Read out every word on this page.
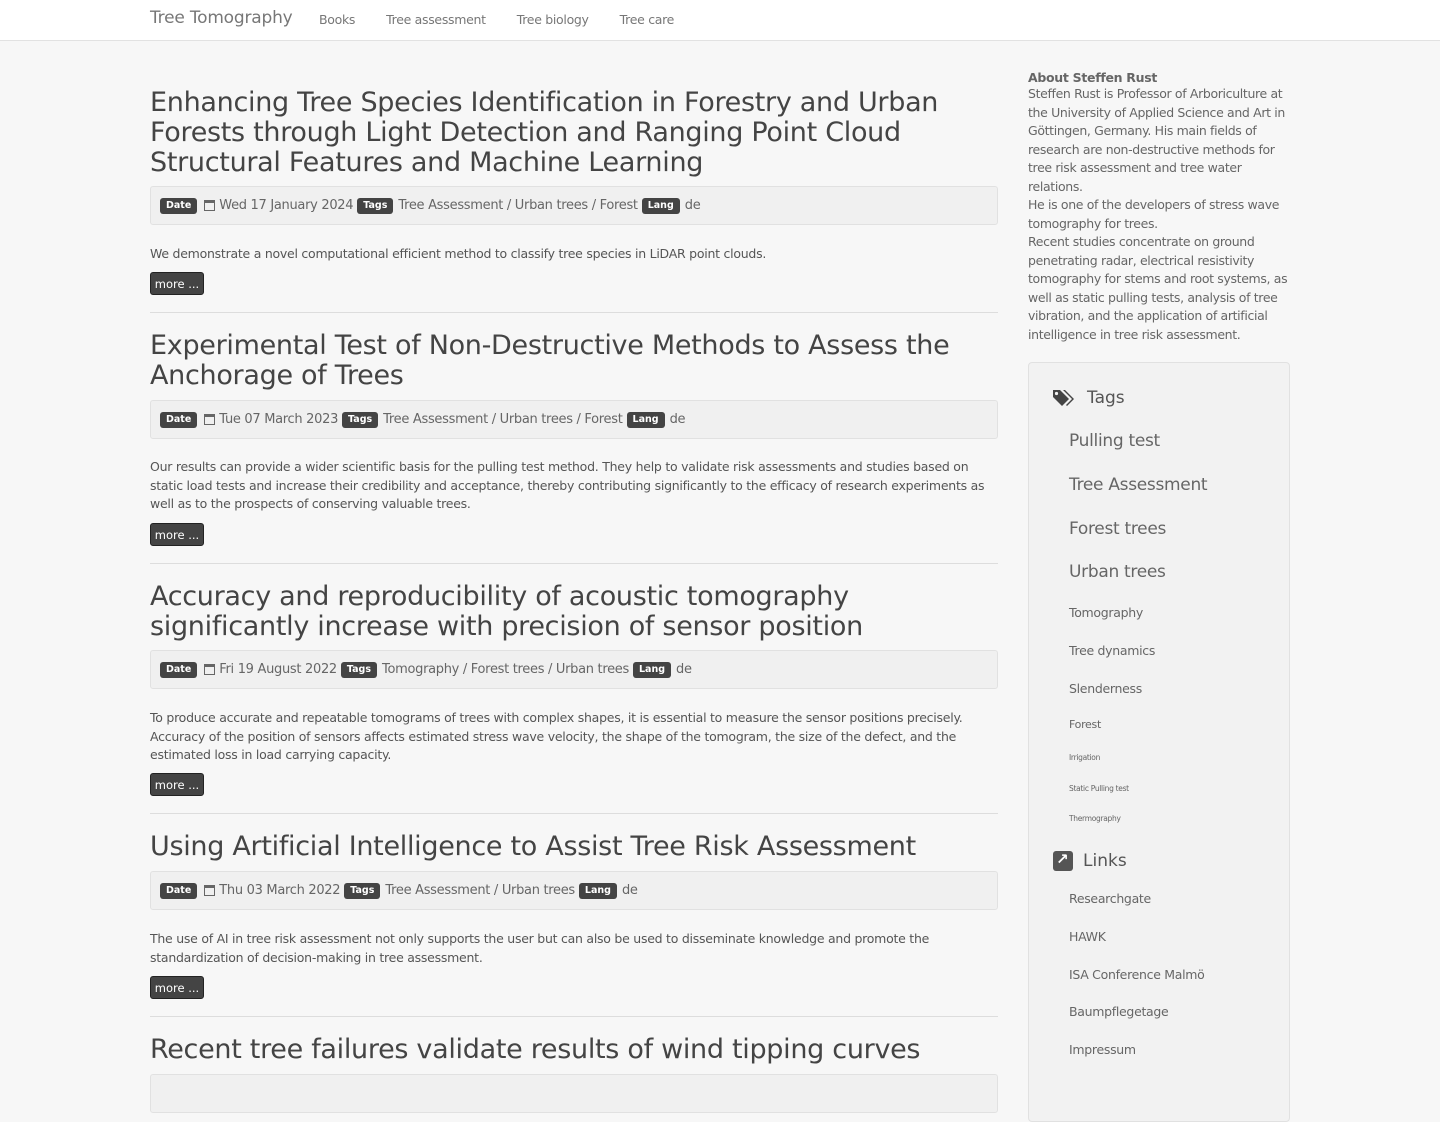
Tree Tomography Books Tree assessment Tree biology Tree care
Enhancing Tree Species Identification in Forestry and Urban Forests through Light Detection and Ranging Point Cloud Structural Features and Machine Learning
Date	Wed 17 January 2024	Tags Tree Assessment / Urban trees / Forest	Lang de

We demonstrate a novel computational efficient method to classify tree species in LiDAR point clouds.

more ...
Experimental Test of Non-Destructive Methods to Assess the Anchorage of Trees
Date	Tue 07 March 2023	Tags Tree Assessment / Urban trees / Forest	Lang de

Our results can provide a wider scientific basis for the pulling test method. They help to validate risk assessments and studies based on static load tests and increase their credibility and acceptance, thereby contributing significantly to the efficacy of research experiments as well as to the prospects of conserving valuable trees.

more ...
Accuracy and reproducibility of acoustic tomography significantly increase with precision of sensor position
Date	Fri 19 August 2022	Tags Tomography / Forest trees / Urban trees	Lang de

To produce accurate and repeatable tomograms of trees with complex shapes, it is essential to measure the sensor positions precisely. Accuracy of the position of sensors affects estimated stress wave velocity, the shape of the tomogram, the size of the defect, and the estimated loss in load carrying capacity.

more ...
Using Artificial Intelligence to Assist Tree Risk Assessment
Date	Thu 03 March 2022	Tags Tree Assessment / Urban trees	Lang de

The use of AI in tree risk assessment not only supports the user but can also be used to disseminate knowledge and promote the standardization of decision-making in tree assessment.

more ...
Recent tree failures validate results of wind tipping curves
About Steffen Rust

Steffen Rust is Professor of Arboriculture at the University of Applied Science and Art in Göttingen, Germany. His main fields of research are non-destructive methods for tree risk assessment and tree water relations.

He is one of the developers of stress wave tomography for trees.

Recent studies concentrate on ground penetrating radar, electrical resistivity tomography for stems and root systems, as well as static pulling tests, analysis of tree vibration, and the application of artificial intelligence in tree risk assessment.

Tags
Pulling test
Tree Assessment
Forest trees
Urban trees
Tomography
Tree dynamics
Slenderness
Forest
Irrigation
Static Pulling test
Thermography
↗
Links
Researchgate
HAWK
ISA Conference Malmö
Baumpflegetage
Impressum
